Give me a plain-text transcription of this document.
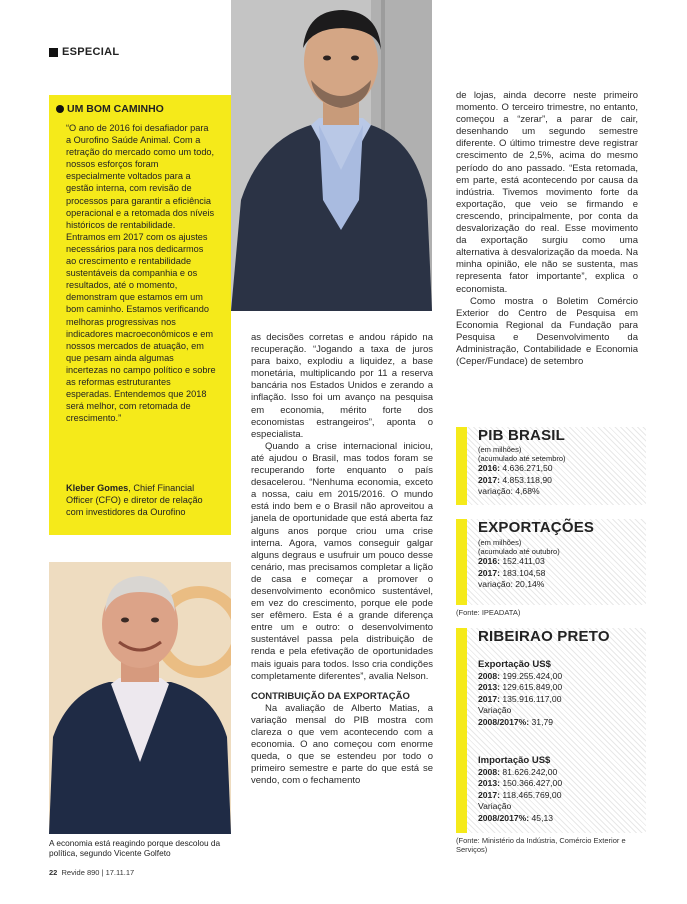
ESPECIAL
UM BOM CAMINHO
“O ano de 2016 foi desafiador para a Ourofino Saúde Animal. Com a retração do mercado como um todo, nossos esforços foram especialmente voltados para a gestão interna, com revisão de processos para garantir a eficiência operacional e a retomada dos níveis históricos de rentabilidade. Entramos em 2017 com os ajustes necessários para nos dedicarmos ao crescimento e rentabilidade sustentáveis da companhia e os resultados, até o momento, demonstram que estamos em um bom caminho. Estamos verificando melhoras progressivas nos indicadores macroeconômicos e em nossos mercados de atuação, em que pesam ainda algumas incertezas no campo político e sobre as reformas estruturantes esperadas. Entendemos que 2018 será melhor, com retomada de crescimento.”
Kleber Gomes, Chief Financial Officer (CFO) e diretor de relação com investidores da Ourofino
A economia está reagindo porque descolou da política, segundo Vicente Golfeto

as decisões corretas e andou rápido na recuperação. “Jogando a taxa de juros para baixo, explodiu a liquidez, a base monetária, multiplicando por 11 a reserva bancária nos Estados Unidos e zerando a inflação. Isso foi um avanço na pesquisa em economia, mérito forte dos economistas estrangeiros”, aponta o especialista.

Quando a crise internacional iniciou, até ajudou o Brasil, mas todos foram se recuperando forte enquanto o país desacelerou. “Nenhuma economia, exceto a nossa, caiu em 2015/2016. O mundo está indo bem e o Brasil não aproveitou a janela de oportunidade que está aberta faz alguns anos porque criou uma crise interna. Agora, vamos conseguir galgar alguns degraus e usufruir um pouco desse cenário, mas precisamos completar a lição de casa e começar a promover o desenvolvimento econômico sustentável, em vez do crescimento, porque ele pode ser efêmero. Esta é a grande diferença entre um e outro: o desenvolvimento sustentável passa pela distribuição de renda e pela efetivação de oportunidades mais iguais para todos. Isso cria condições completamente diferentes”, avalia Nelson.

CONTRIBUIÇÃO DA EXPORTAÇÃO

Na avaliação de Alberto Matias, a variação mensal do PIB mostra com clareza o que vem acontecendo com a economia. O ano começou com enorme queda, o que se estendeu por todo o primeiro semestre e parte do que está se vendo, com o fechamento

de lojas, ainda decorre neste primeiro momento. O terceiro trimestre, no entanto, começou a “zerar”, a parar de cair, desenhando um segundo semestre diferente. O último trimestre deve registrar crescimento de 2,5%, acima do mesmo período do ano passado. “Esta retomada, em parte, está acontecendo por causa da indústria. Tivemos movimento forte da exportação, que veio se firmando e crescendo, principalmente, por conta da desvalorização do real. Esse movimento da exportação surgiu como uma alternativa à desvalorização da moeda. Na minha opinião, ele não se sustenta, mas representa fator importante”, explica o economista.

Como mostra o Boletim Comércio Exterior do Centro de Pesquisa em Economia Regional da Fundação para Pesquisa e Desenvolvimento da Administração, Contabilidade e Economia (Ceper/Fundace) de setembro

PIB BRASIL
(em milhões)
(acumulado até setembro)
2016: 4.636.271,50
2017: 4.853.118,90
variação: 4,68%
EXPORTAÇÕES
(em milhões)
(acumulado até outubro)
2016: 152.411,03
2017: 183.104,58
variação: 20,14%
(Fonte: IPEADATA)
RIBEIRAO PRETO
Exportação US$
2008: 199.255.424,00
2013: 129.615.849,00
2017: 135.916.117,00
Variação
2008/2017%: 31,79
Importação US$
2008: 81.626.242,00
2013: 150.366.427,00
2017: 118.465.769,00
Variação
2008/2017%: 45,13
(Fonte: Ministério da Indústria, Comércio Exterior e Serviços)
22 Revide 890 | 17.11.17
